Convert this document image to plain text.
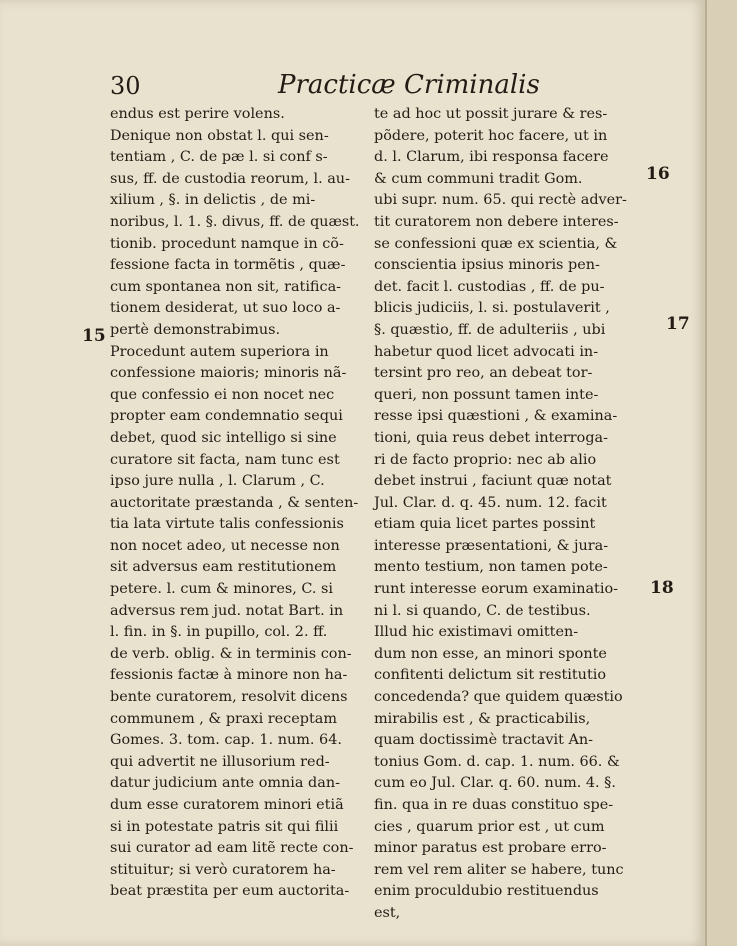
30	Practicæ Criminalis
endus est perire volens.
Denique non obstat l. qui sen-
tentiam , C. de pæ l. si conf s-
sus, ff. de custodia reorum, l. au-
xilium , §. in delictis , de mi-
noribus, l. 1. §. divus, ff. de quæst.
tionib. procedunt namque in cõ-
fessione facta in tormẽtis , quæ-
cum spontanea non sit, ratifica-
tionem desiderat, ut suo loco a-
pertè demonstrabimus.
Procedunt autem superiora in
confessione maioris; minoris nã-
que confessio ei non nocet nec
propter eam condemnatio sequi
debet, quod sic intelligo si sine
curatore sit facta, nam tunc est
ipso jure nulla , l. Clarum , C.
auctoritate præstanda , & senten-
tia lata virtute talis confessionis
non nocet adeo, ut necesse non
sit adversus eam restitutionem
petere. l. cum & minores, C. si
adversus rem jud. notat Bart. in
l. fin. in §. in pupillo, col. 2. ff.
de verb. oblig. & in terminis con-
fessionis factæ à minore non ha-
bente curatorem, resolvit dicens
communem , & praxi receptam
Gomes. 3. tom. cap. 1. num. 64.
qui advertit ne illusorium red-
datur judicium ante omnia dan-
dum esse curatorem minori etiã
si in potestate patris sit qui filii
sui curator ad eam litẽ recte con-
stituitur; si verò curatorem ha-
beat præstita per eum auctorita-
te ad hoc ut possit jurare & res-
põdere, poterit hoc facere, ut in
d. l. Clarum, ibi responsa facere
& cum communi tradit Gom.
ubi supr. num. 65. qui rectè adver-
tit curatorem non debere interes-
se confessioni quæ ex scientia, &
conscientia ipsius minoris pen-
det. facit l. custodias , ff. de pu-
blicis judiciis, l. si. postulaverit ,
§. quæstio, ff. de adulteriis , ubi
habetur quod licet advocati in-
tersint pro reo, an debeat tor-
queri, non possunt tamen inte-
resse ipsi quæstioni , & examina-
tioni, quia reus debet interroga-
ri de facto proprio: nec ab alio
debet instrui , faciunt quæ notat
Jul. Clar. d. q. 45. num. 12. facit
etiam quia licet partes possint
interesse præsentationi, & jura-
mento testium, non tamen pote-
runt interesse eorum examinatio-
ni l. si quando, C. de testibus.
Illud hic existimavi omitten-
dum non esse, an minori sponte
confitenti delictum sit restitutio
concedenda? que quidem quæstio
mirabilis est , & practicabilis,
quam doctissimè tractavit An-
tonius Gom. d. cap. 1. num. 66. &
cum eo Jul. Clar. q. 60. num. 4. §.
fin. qua in re duas constituo spe-
cies , quarum prior est , ut cum
minor paratus est probare erro-
rem vel rem aliter se habere, tunc
enim proculdubio restituendus
est,
15
16
17
18
